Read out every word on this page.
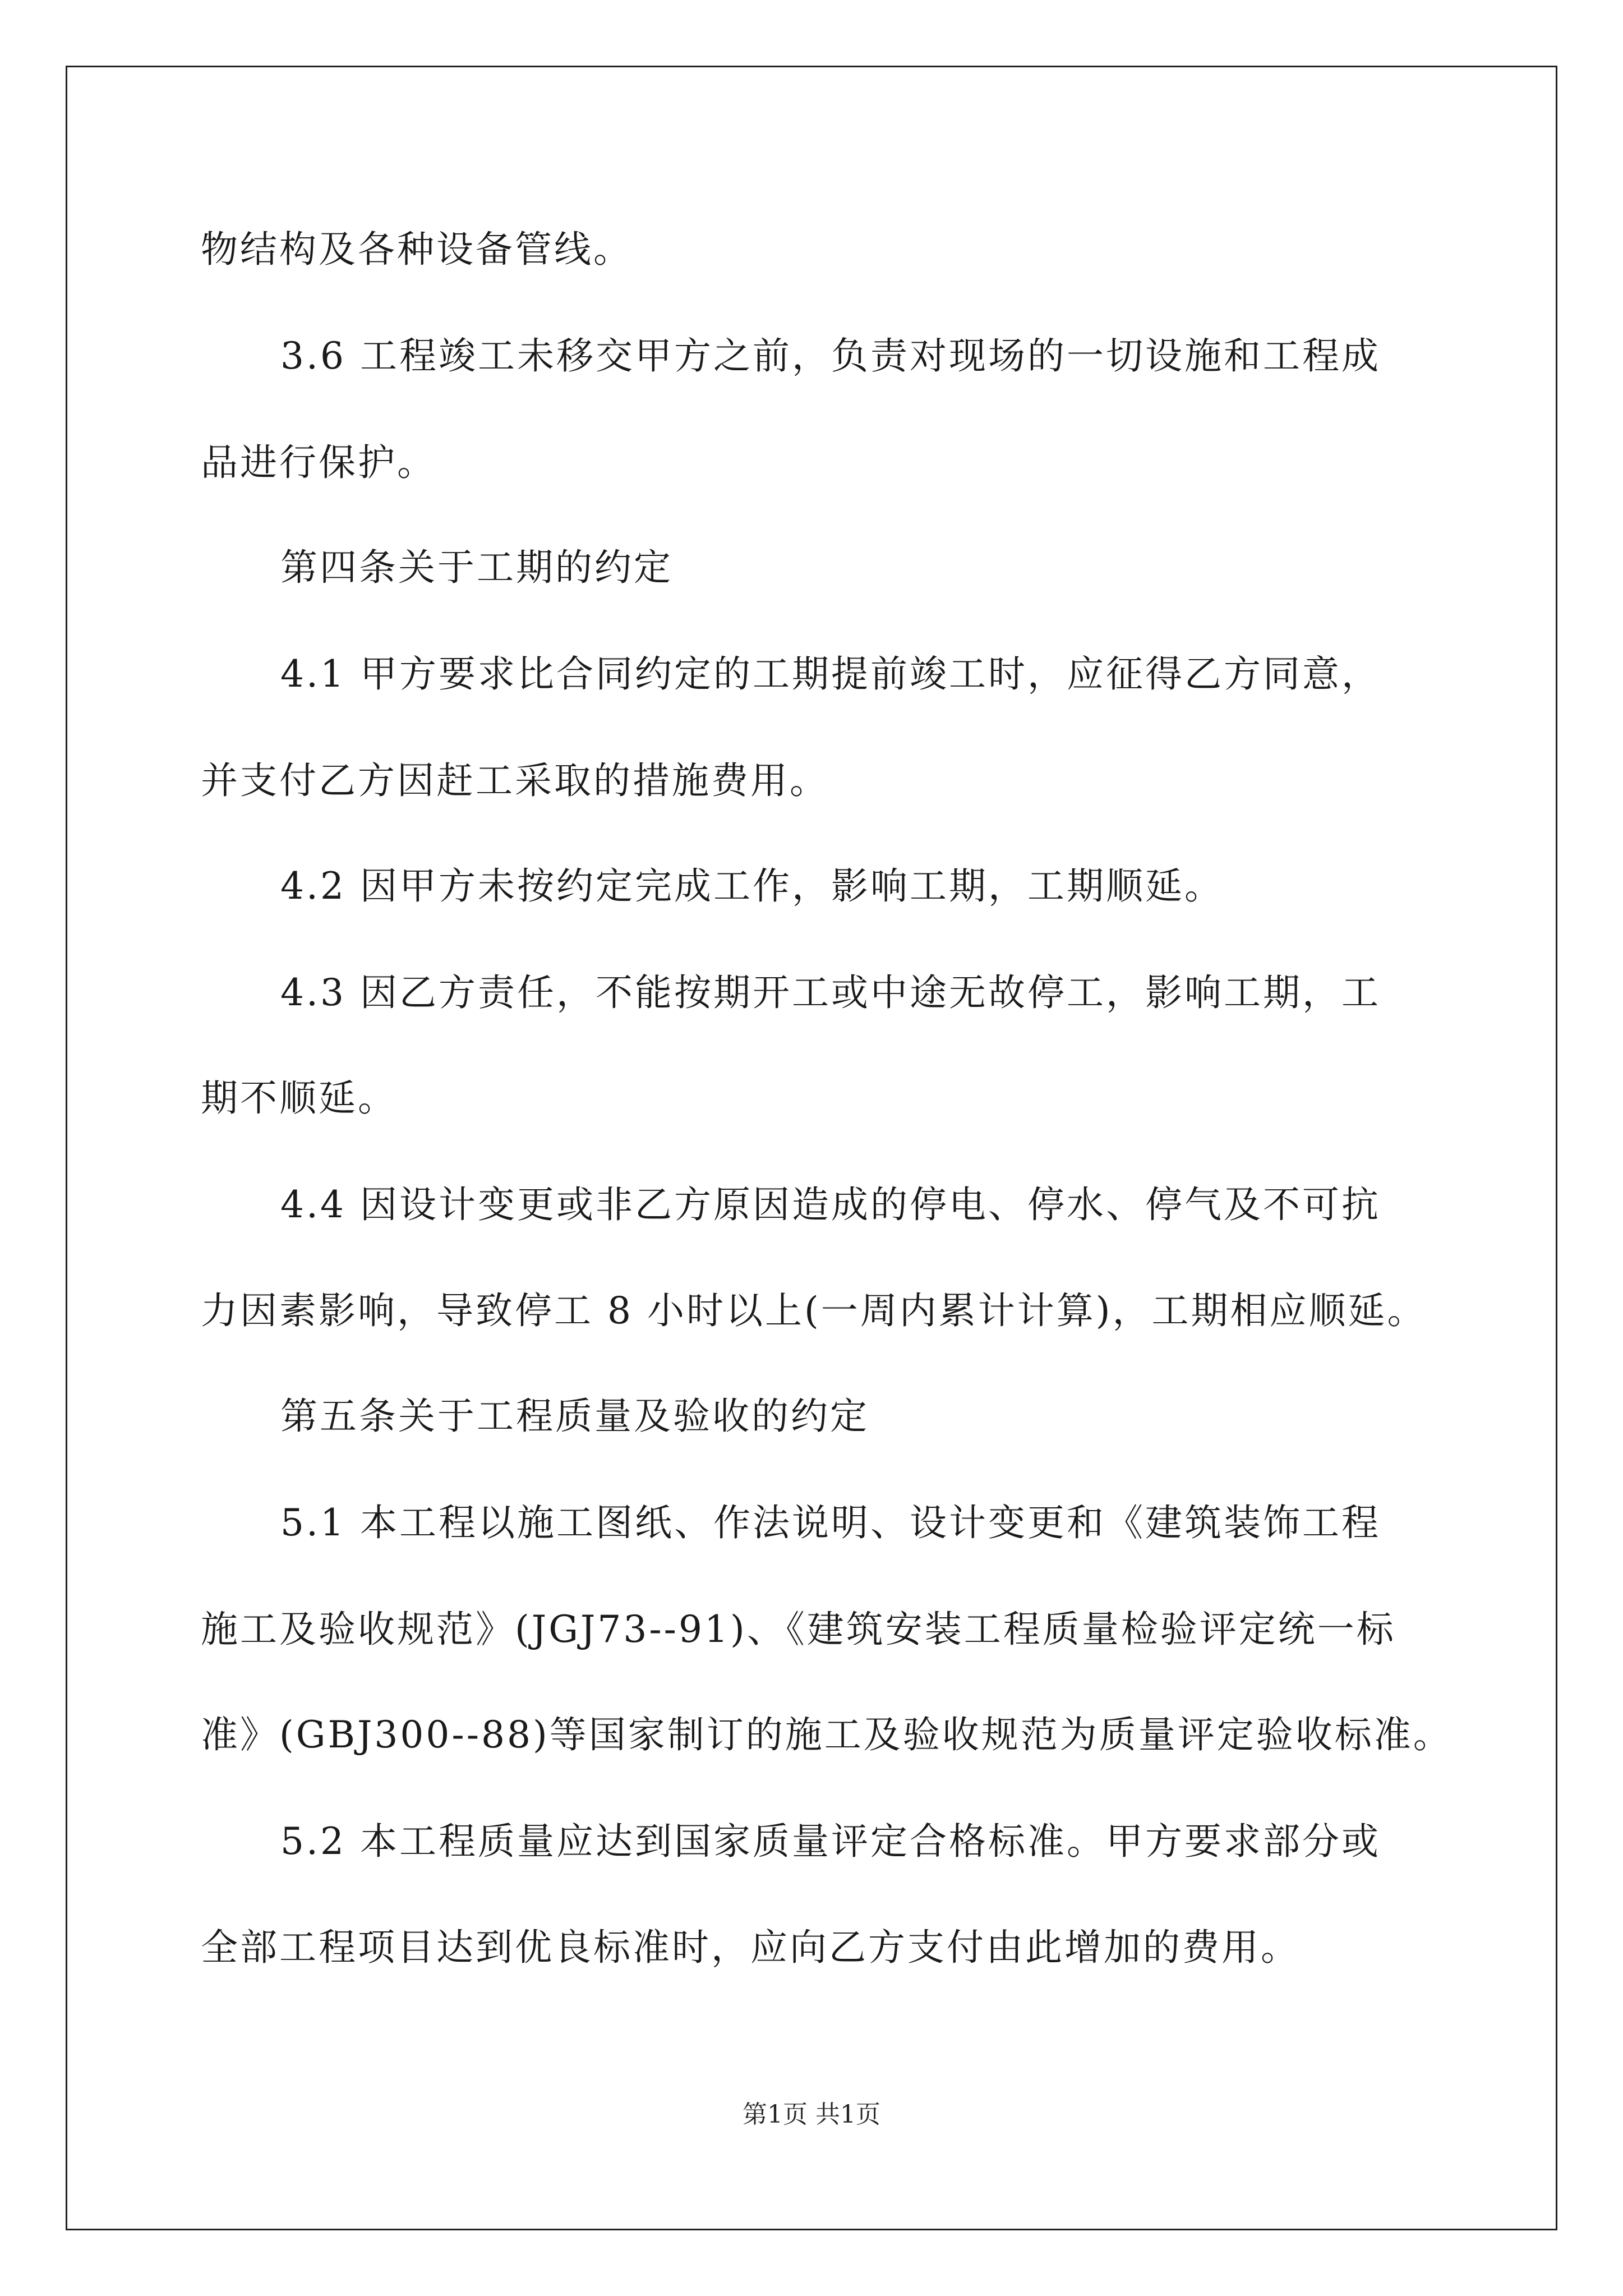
物结构及各种设备管线。
3.6 工程竣工未移交甲方之前，负责对现场的一切设施和工程成
品进行保护。
第四条关于工期的约定
4.1 甲方要求比合同约定的工期提前竣工时，应征得乙方同意，
并支付乙方因赶工采取的措施费用。
4.2 因甲方未按约定完成工作，影响工期，工期顺延。
4.3 因乙方责任，不能按期开工或中途无故停工，影响工期，工
期不顺延。
4.4 因设计变更或非乙方原因造成的停电、停水、停气及不可抗
力因素影响，导致停工 8 小时以上(一周内累计计算)，工期相应顺延。
第五条关于工程质量及验收的约定
5.1 本工程以施工图纸、作法说明、设计变更和《建筑装饰工程
施工及验收规范》(JGJ73--91)、《建筑安装工程质量检验评定统一标
准》(GBJ300--88)等国家制订的施工及验收规范为质量评定验收标准。
5.2 本工程质量应达到国家质量评定合格标准。甲方要求部分或
全部工程项目达到优良标准时，应向乙方支付由此增加的费用。
第1页 共1页
